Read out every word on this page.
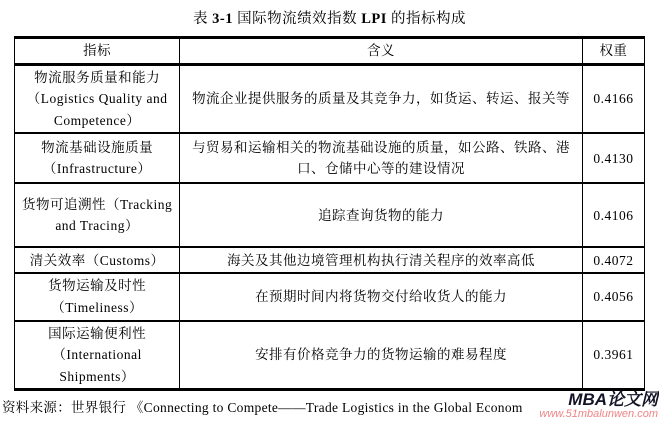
表 3-1 国际物流绩效指数 LPI 的指标构成
指标	含义	权重
物流服务质量和能力（Logistics Quality and Competence）	物流企业提供服务的质量及其竞争力，如货运、转运、报关等	0.4166
物流基础设施质量（Infrastructure）	与贸易和运输相关的物流基础设施的质量，如公路、铁路、港口、仓储中心等的建设情况	0.4130
货物可追溯性（Tracking and Tracing）	追踪查询货物的能力	0.4106
清关效率（Customs）	海关及其他边境管理机构执行清关程序的效率高低	0.4072
货物运输及时性（Timeliness）	在预期时间内将货物交付给收货人的能力	0.4056
国际运输便利性（International Shipments）	安排有价格竞争力的货物运输的难易程度	0.3961
资料来源：世界银行 《Connecting to Compete——Trade Logistics in the Global Econom	MBA论文网
www.51mbalunwen.com
